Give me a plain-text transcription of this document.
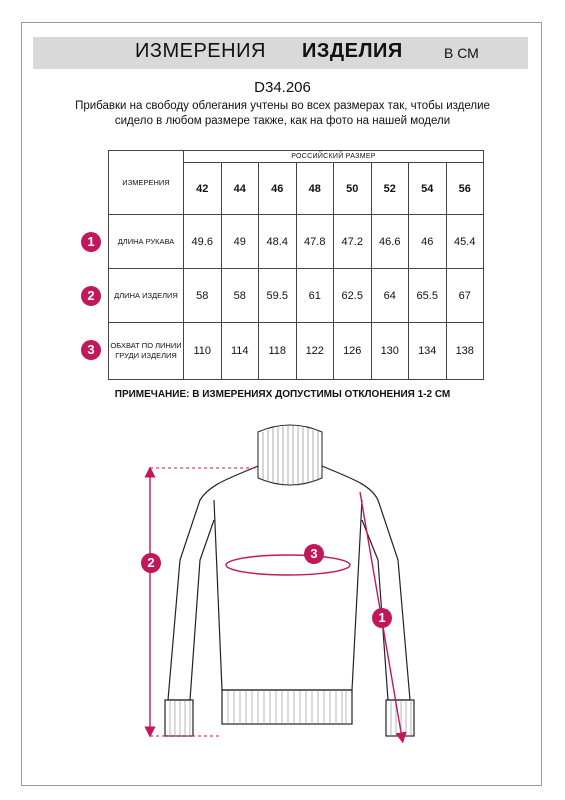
ИЗМЕРЕНИЯ ИЗДЕЛИЯ	В СМ
D34.206
Прибавки на свободу облегания учтены во всех размерах так, чтобы изделие сидело в любом размере также, как на фото на нашей модели
ИЗМЕРЕНИЯ	РОССИЙСКИЙ РАЗМЕР							
	42	44	46	48	50	52	54	56
ДЛИНА РУКАВА	49.6	49	48.4	47.8	47.2	46.6	46	45.4
ДЛИНА ИЗДЕЛИЯ	58	58	59.5	61	62.5	64	65.5	67
ОБХВАТ ПО ЛИНИИ ГРУДИ ИЗДЕЛИЯ	110	114	118	122	126	130	134	138
1
2
3
ПРИМЕЧАНИЕ: В ИЗМЕРЕНИЯХ ДОПУСТИМЫ ОТКЛОНЕНИЯ 1-2 СМ
2
3
1
